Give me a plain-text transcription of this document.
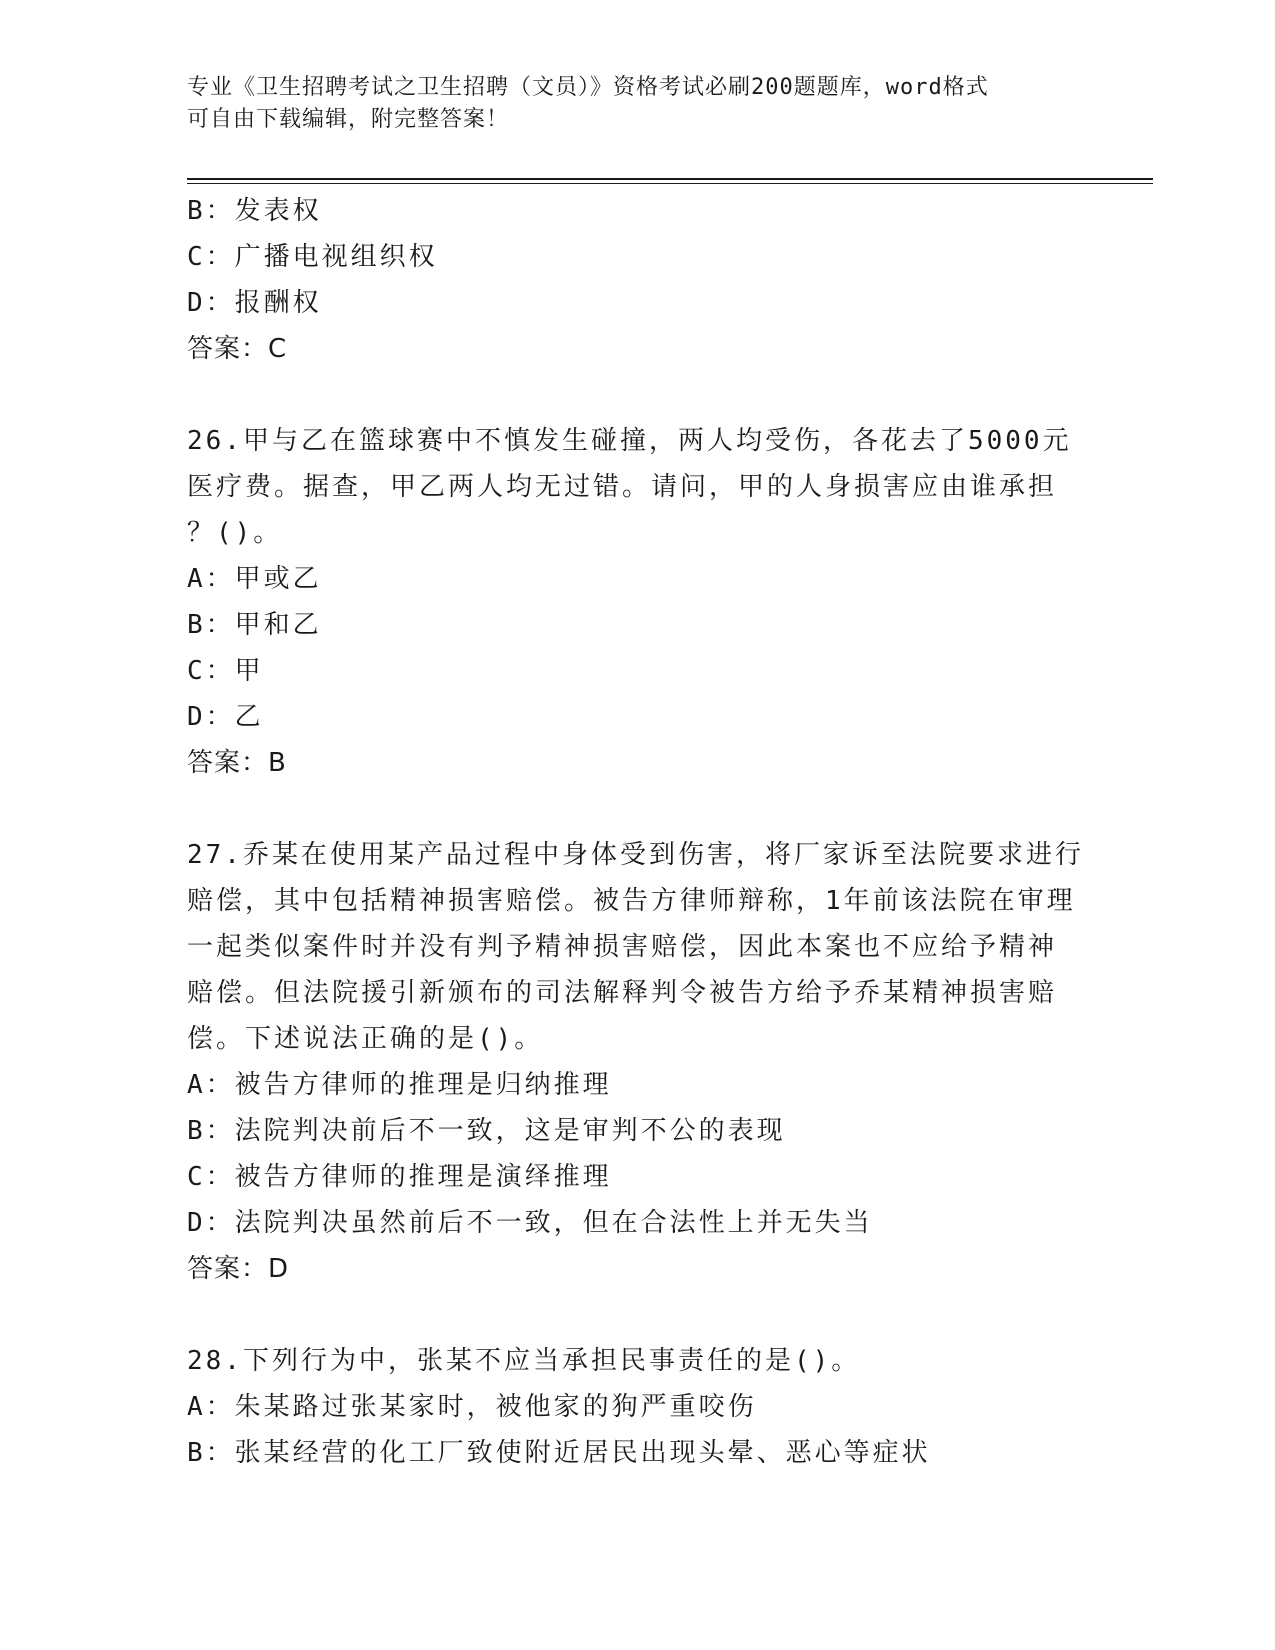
专业《卫生招聘考试之卫生招聘（文员）》资格考试必刷200题题库，word格式
可自由下载编辑，附完整答案！
B：发表权
C：广播电视组织权
D：报酬权
答案：C
26.甲与乙在篮球赛中不慎发生碰撞，两人均受伤，各花去了5000元
医疗费。据查，甲乙两人均无过错。请问，甲的人身损害应由谁承担
？()。
A：甲或乙
B：甲和乙
C：甲
D：乙
答案：B
27.乔某在使用某产品过程中身体受到伤害，将厂家诉至法院要求进行
赔偿，其中包括精神损害赔偿。被告方律师辩称，1年前该法院在审理
一起类似案件时并没有判予精神损害赔偿，因此本案也不应给予精神
赔偿。但法院援引新颁布的司法解释判令被告方给予乔某精神损害赔
偿。下述说法正确的是()。
A：被告方律师的推理是归纳推理
B：法院判决前后不一致，这是审判不公的表现
C：被告方律师的推理是演绎推理
D：法院判决虽然前后不一致，但在合法性上并无失当
答案：D
28.下列行为中，张某不应当承担民事责任的是()。
A：朱某路过张某家时，被他家的狗严重咬伤
B：张某经营的化工厂致使附近居民出现头晕、恶心等症状
